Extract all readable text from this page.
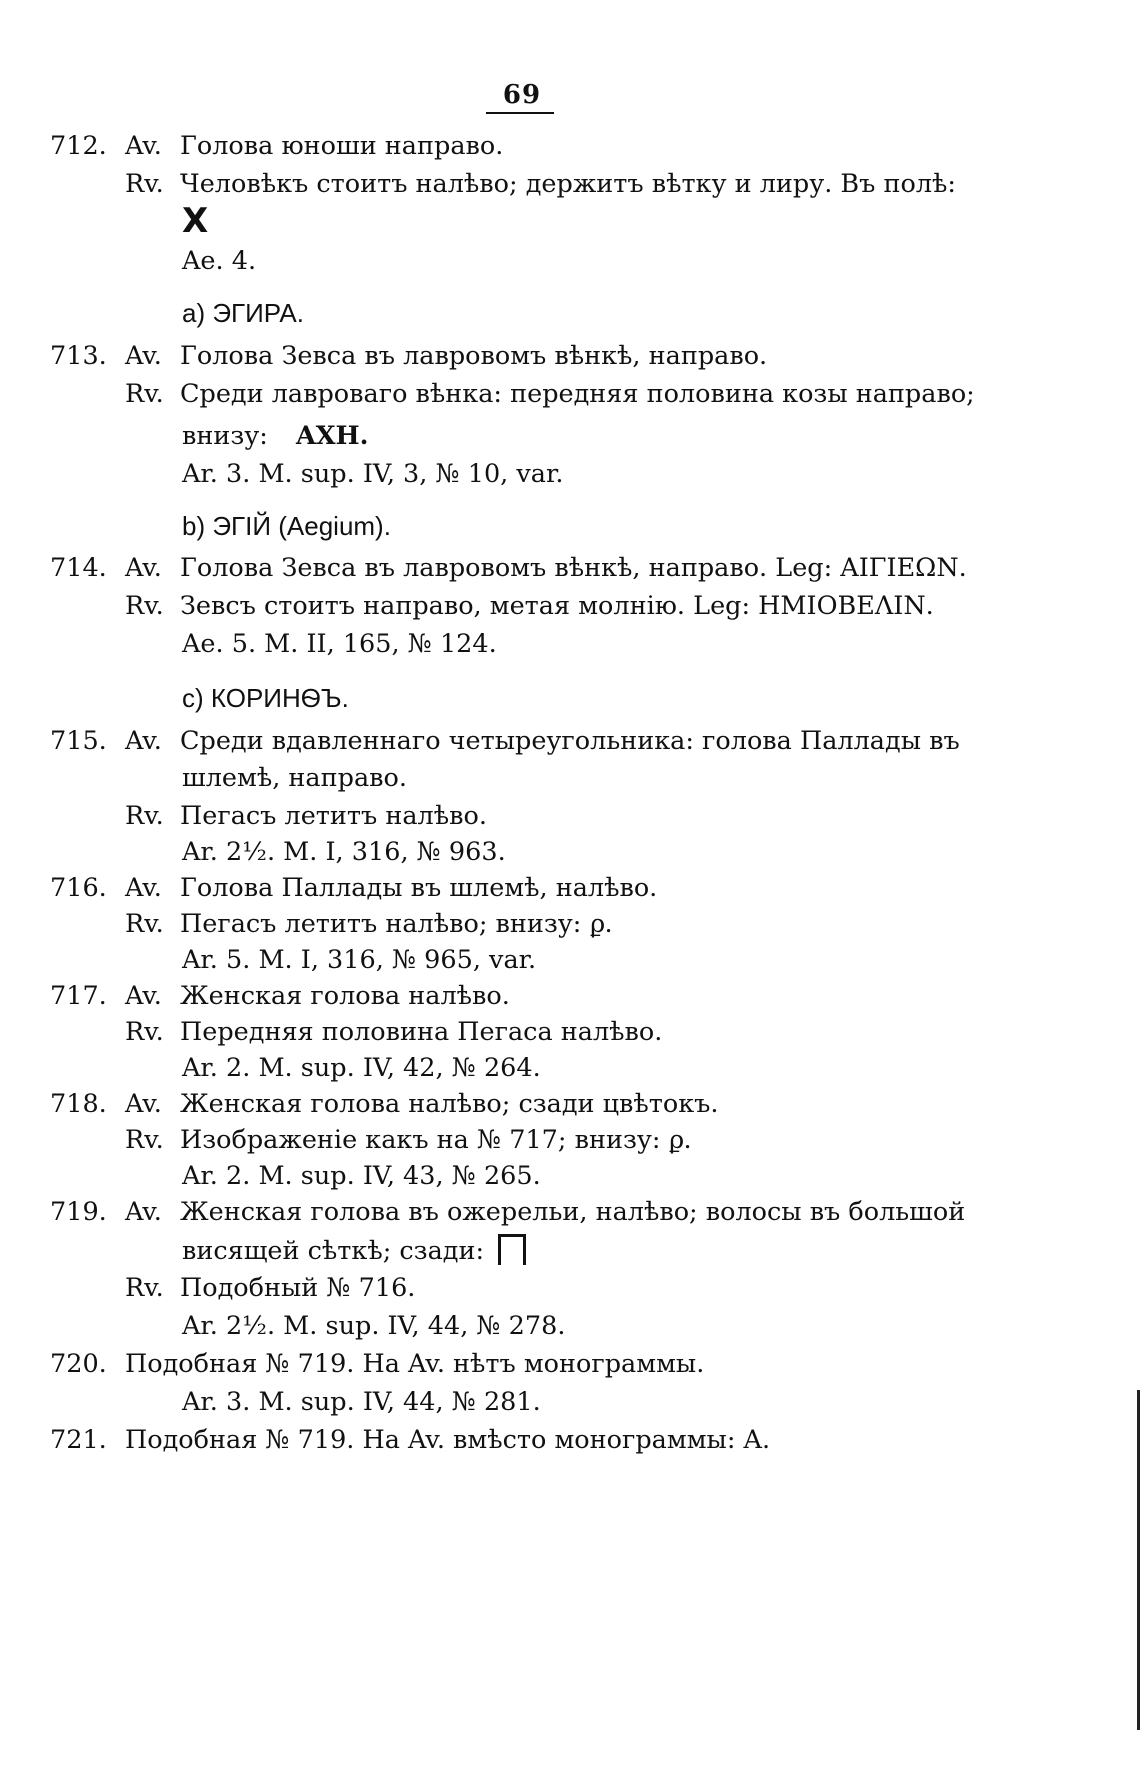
69
712. Av. Голова юноши направо.
Rv. Человѣкъ стоитъ налѣво; держитъ вѣтку и лиру. Въ полѣ:
X
Ae. 4.
a) ЭГИРА.
713. Av. Голова Зевса въ лавровомъ вѣнкѣ, направо.
Rv. Среди лавроваго вѣнка: передняя половина козы направо;
внизу: ΑΧΗ.
Ar. 3. M. sup. IV, 3, № 10, var.
b) ЭГІЙ (Aegium).
714. Av. Голова Зевса въ лавровомъ вѣнкѣ, направо. Leg: ΑΙΓΙΕΩΝ.
Rv. Зевсъ стоитъ направо, метая молнію. Leg: ΗΜΙΟΒΕΛΙΝ.
Ae. 5. M. II, 165, № 124.
c) КОРИНѲЪ.
715. Av. Среди вдавленнаго четыреугольника: голова Паллады въ
шлемѣ, направо.
Rv. Пегасъ летитъ налѣво.
Ar. 2½. M. I, 316, № 963.
716. Av. Голова Паллады въ шлемѣ, налѣво.
Rv. Пегасъ летитъ налѣво; внизу: ϼ.
Ar. 5. M. I, 316, № 965, var.
717. Av. Женская голова налѣво.
Rv. Передняя половина Пегаса налѣво.
Ar. 2. M. sup. IV, 42, № 264.
718. Av. Женская голова налѣво; сзади цвѣтокъ.
Rv. Изображеніе какъ на № 717; внизу: ϼ.
Ar. 2. M. sup. IV, 43, № 265.
719. Av. Женская голова въ ожерельи, налѣво; волосы въ большой
висящей сѣткѣ; сзади:
Rv. Подобный № 716.
Ar. 2½. M. sup. IV, 44, № 278.
720. Подобная № 719. На Av. нѣтъ монограммы.
Ar. 3. M. sup. IV, 44, № 281.
721. Подобная № 719. На Av. вмѣсто монограммы: A.
